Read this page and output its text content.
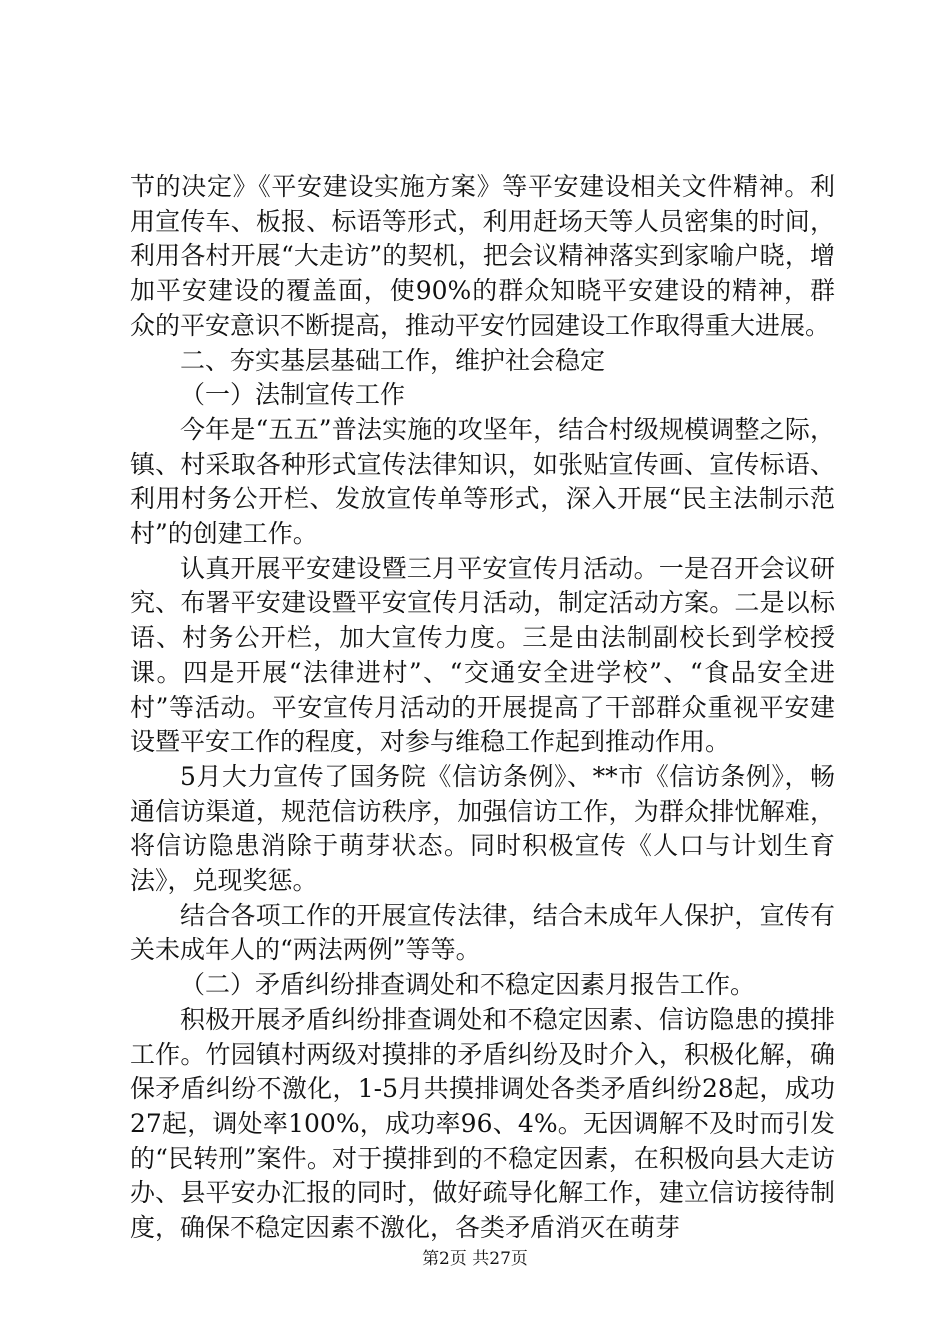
节的决定》《平安建设实施方案》等平安建设相关文件精神。利用宣传车、板报、标语等形式，利用赶场天等人员密集的时间，利用各村开展“大走访”的契机，把会议精神落实到家喻户晓，增加平安建设的覆盖面，使90%的群众知晓平安建设的精神，群众的平安意识不断提高，推动平安竹园建设工作取得重大进展。

二、夯实基层基础工作，维护社会稳定

（一）法制宣传工作

今年是“五五”普法实施的攻坚年，结合村级规模调整之际，镇、村采取各种形式宣传法律知识，如张贴宣传画、宣传标语、利用村务公开栏、发放宣传单等形式，深入开展“民主法制示范村”的创建工作。

认真开展平安建设暨三月平安宣传月活动。一是召开会议研究、布署平安建设暨平安宣传月活动，制定活动方案。二是以标语、村务公开栏，加大宣传力度。三是由法制副校长到学校授课。四是开展“法律进村”、“交通安全进学校”、“食品安全进村”等活动。平安宣传月活动的开展提高了干部群众重视平安建设暨平安工作的程度，对参与维稳工作起到推动作用。

5月大力宣传了国务院《信访条例》、**市《信访条例》，畅通信访渠道，规范信访秩序，加强信访工作，为群众排忧解难，将信访隐患消除于萌芽状态。同时积极宣传《人口与计划生育法》，兑现奖惩。

结合各项工作的开展宣传法律，结合未成年人保护，宣传有关未成年人的“两法两例”等等。

（二）矛盾纠纷排查调处和不稳定因素月报告工作。

积极开展矛盾纠纷排查调处和不稳定因素、信访隐患的摸排工作。竹园镇村两级对摸排的矛盾纠纷及时介入，积极化解，确保矛盾纠纷不激化，1-5月共摸排调处各类矛盾纠纷28起，成功27起，调处率100%，成功率96、4%。无因调解不及时而引发的“民转刑”案件。对于摸排到的不稳定因素，在积极向县大走访办、县平安办汇报的同时，做好疏导化解工作，建立信访接待制度，确保不稳定因素不激化，各类矛盾消灭在萌芽

第2页 共27页
